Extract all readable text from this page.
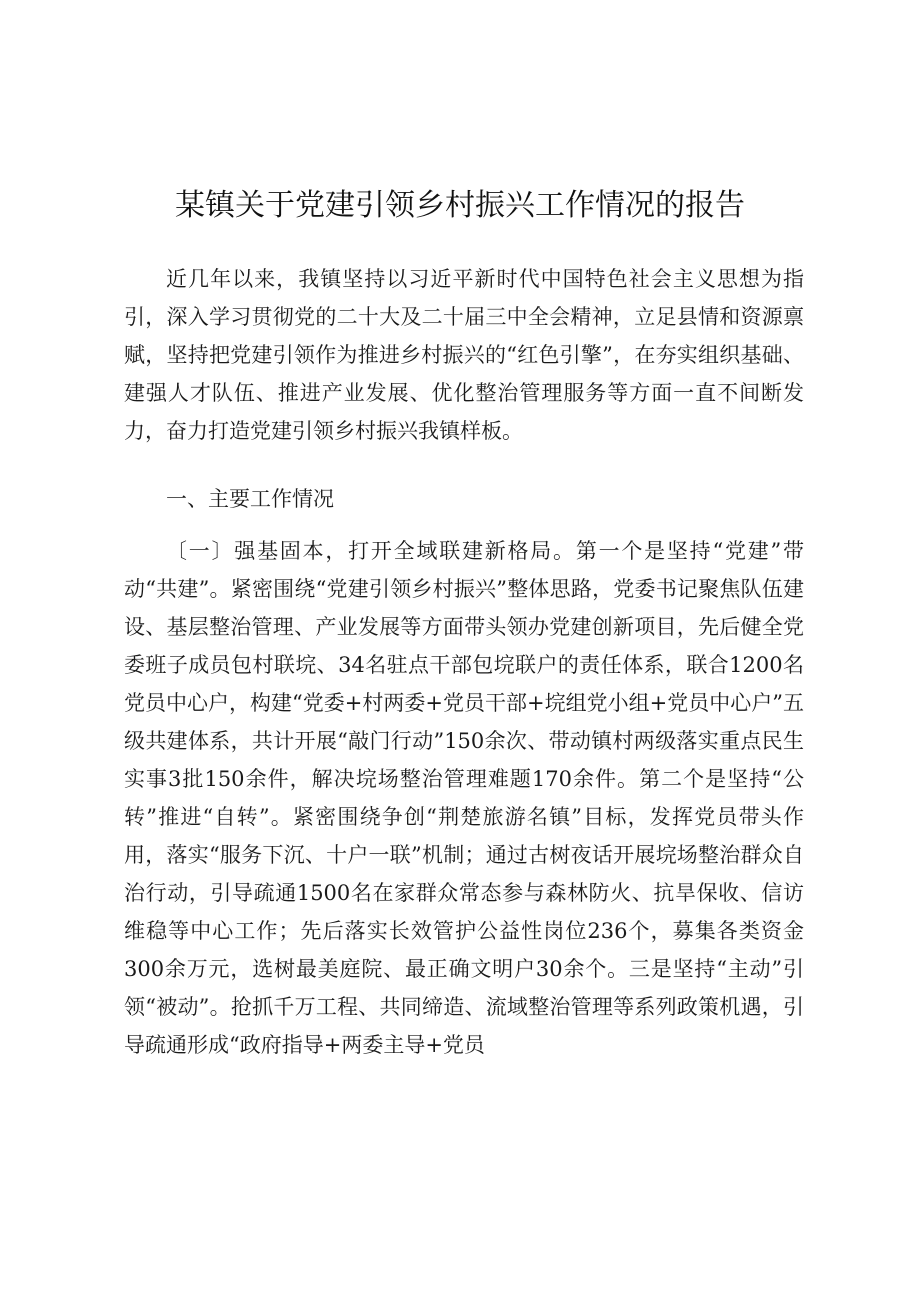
某镇关于党建引领乡村振兴工作情况的报告

近几年以来，我镇坚持以习近平新时代中国特色社会主义思想为指引，深入学习贯彻党的二十大及二十届三中全会精神，立足县情和资源禀赋，坚持把党建引领作为推进乡村振兴的“红色引擎”，在夯实组织基础、建强人才队伍、推进产业发展、优化整治管理服务等方面一直不间断发力，奋力打造党建引领乡村振兴我镇样板。

一、主要工作情况

〔一〕强基固本，打开全域联建新格局。第一个是坚持“党建”带动“共建”。紧密围绕“党建引领乡村振兴”整体思路，党委书记聚焦队伍建设、基层整治管理、产业发展等方面带头领办党建创新项目，先后健全党委班子成员包村联垸、34名驻点干部包垸联户的责任体系，联合1200名党员中心户，构建“党委+村两委+党员干部+垸组党小组+党员中心户”五级共建体系，共计开展“敲门行动”150余次、带动镇村两级落实重点民生实事3批150余件，解决垸场整治管理难题170余件。第二个是坚持“公转”推进“自转”。紧密围绕争创“荆楚旅游名镇”目标，发挥党员带头作用，落实“服务下沉、十户一联”机制；通过古树夜话开展垸场整治群众自治行动，引导疏通1500名在家群众常态参与森林防火、抗旱保收、信访维稳等中心工作；先后落实长效管护公益性岗位236个，募集各类资金300余万元，选树最美庭院、最正确文明户30余个。三是坚持“主动”引领“被动”。抢抓千万工程、共同缔造、流域整治管理等系列政策机遇，引导疏通形成“政府指导+两委主导+党员
